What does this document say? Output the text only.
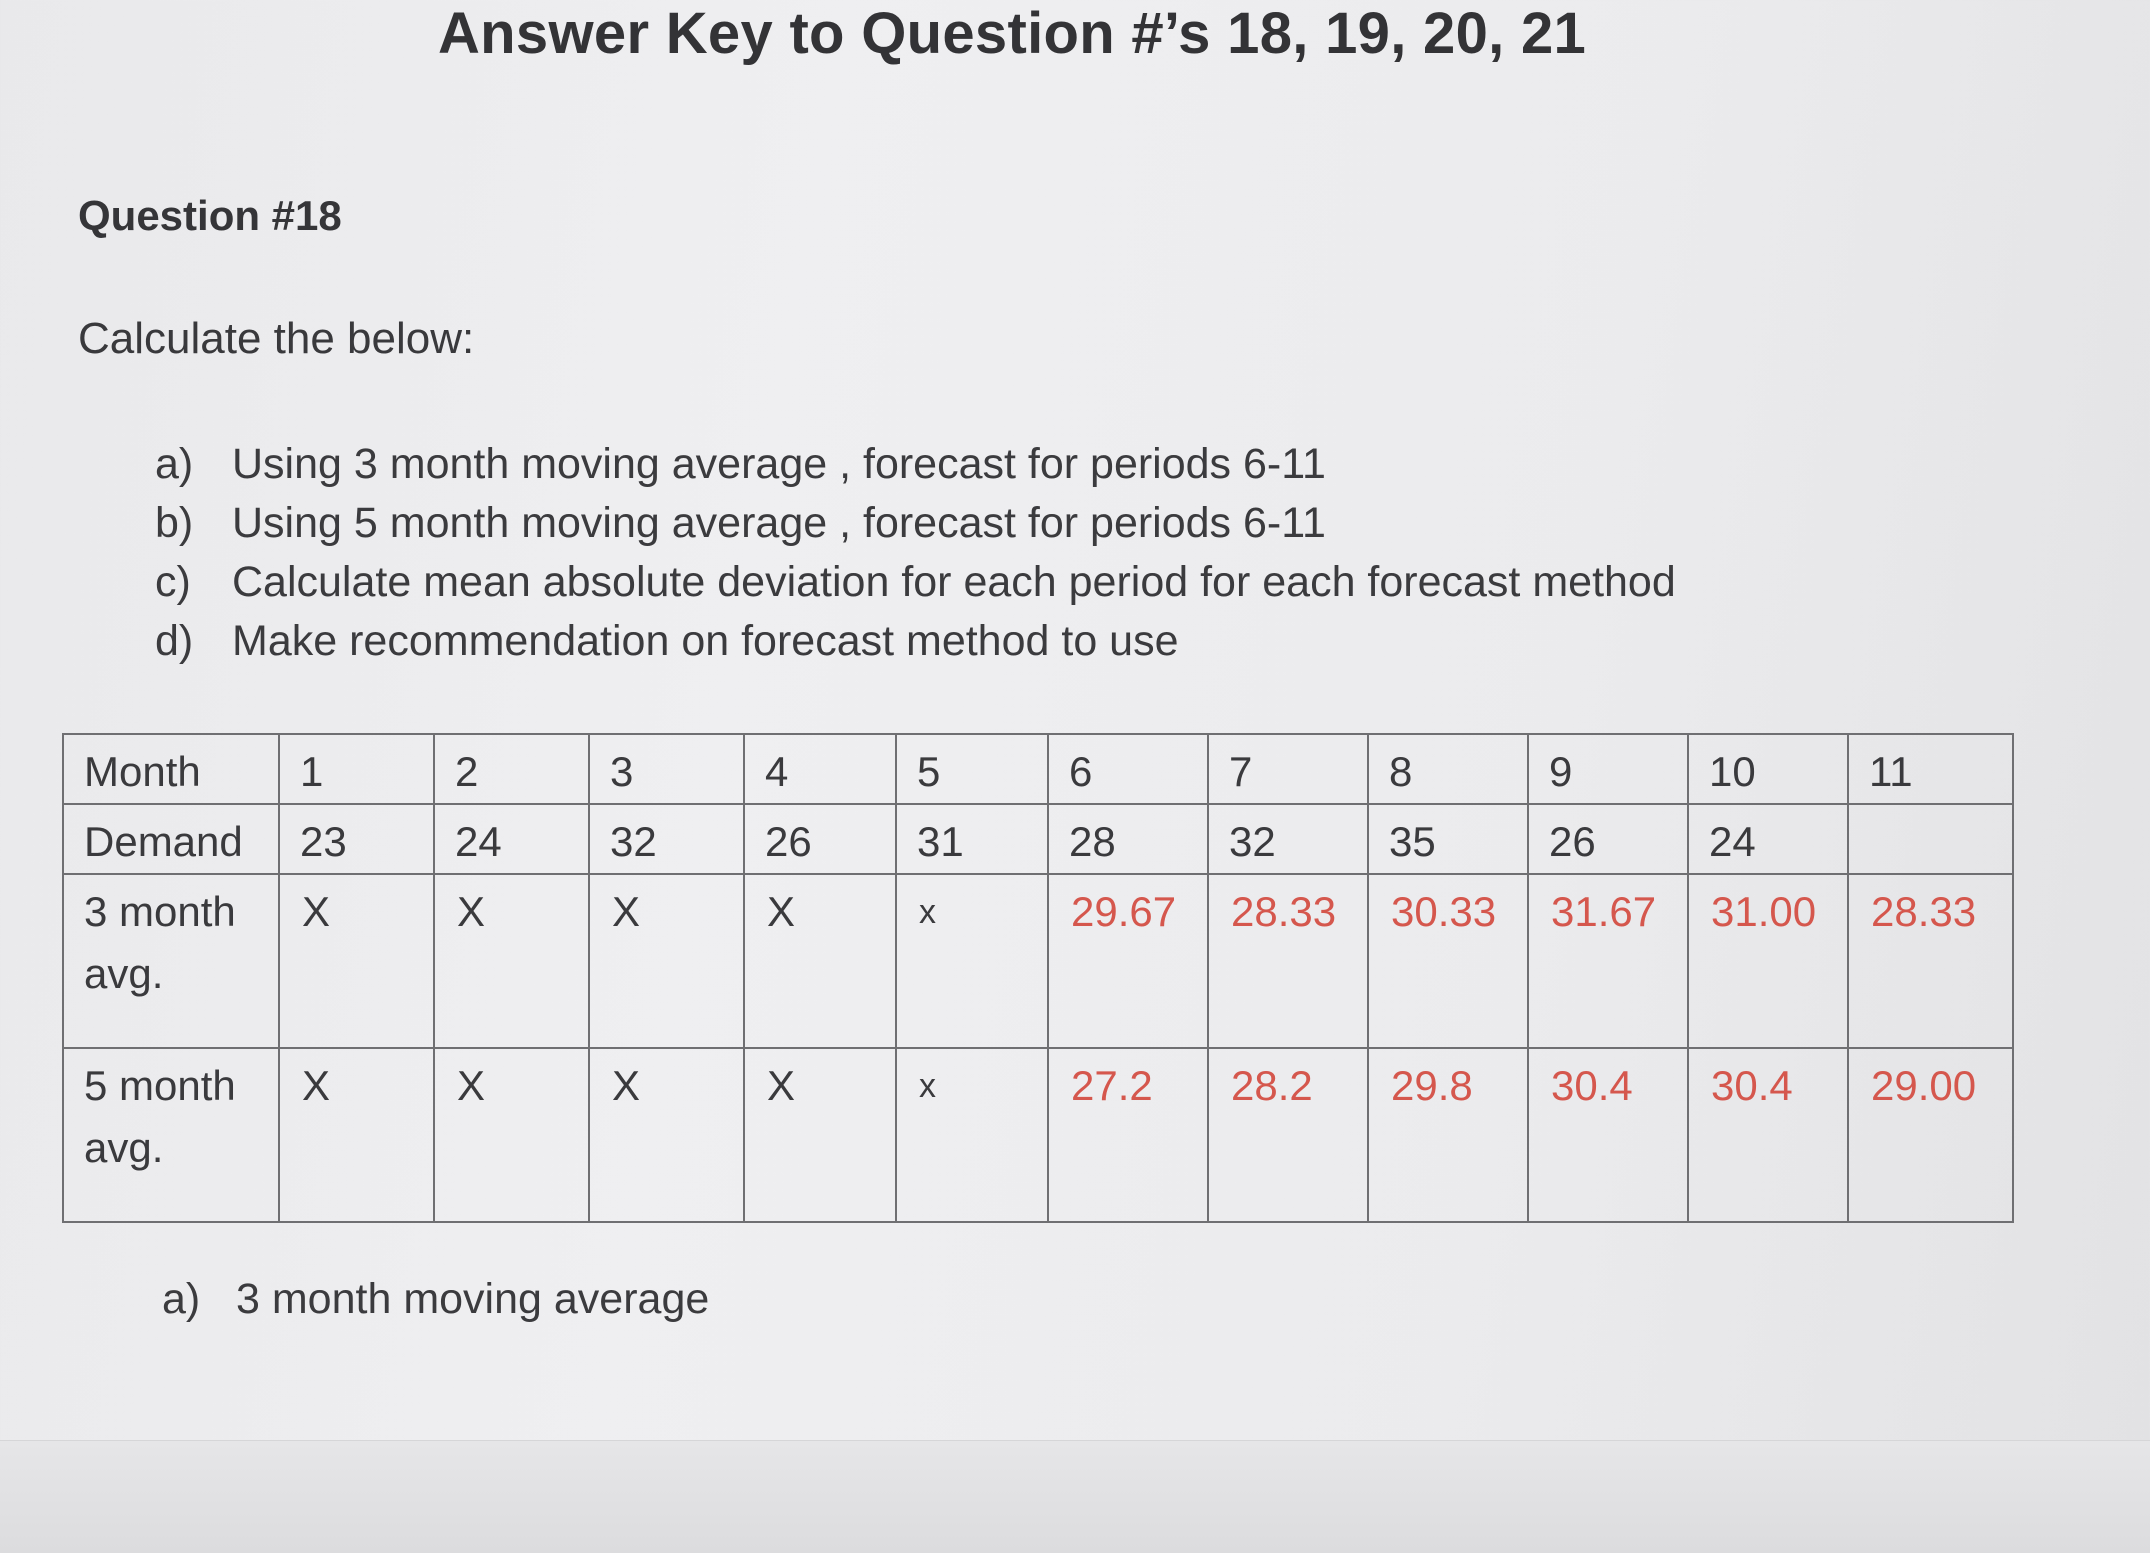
Answer Key to Question #’s 18, 19, 20, 21
Question #18
Calculate the below:
a) Using 3 month moving average , forecast for periods 6-11
b) Using 5 month moving average , forecast for periods 6-11
c) Calculate mean absolute deviation for each period for each forecast method
d) Make recommendation on forecast method to use
Month	1	2	3	4	5	6	7	8	9	10	11
Demand	23	24	32	26	31	28	32	35	26	24	
3 month avg.	X	X	X	X	x	29.67	28.33	30.33	31.67	31.00	28.33
5 month avg.	X	X	X	X	x	27.2	28.2	29.8	30.4	30.4	29.00
a) 3 month moving average
